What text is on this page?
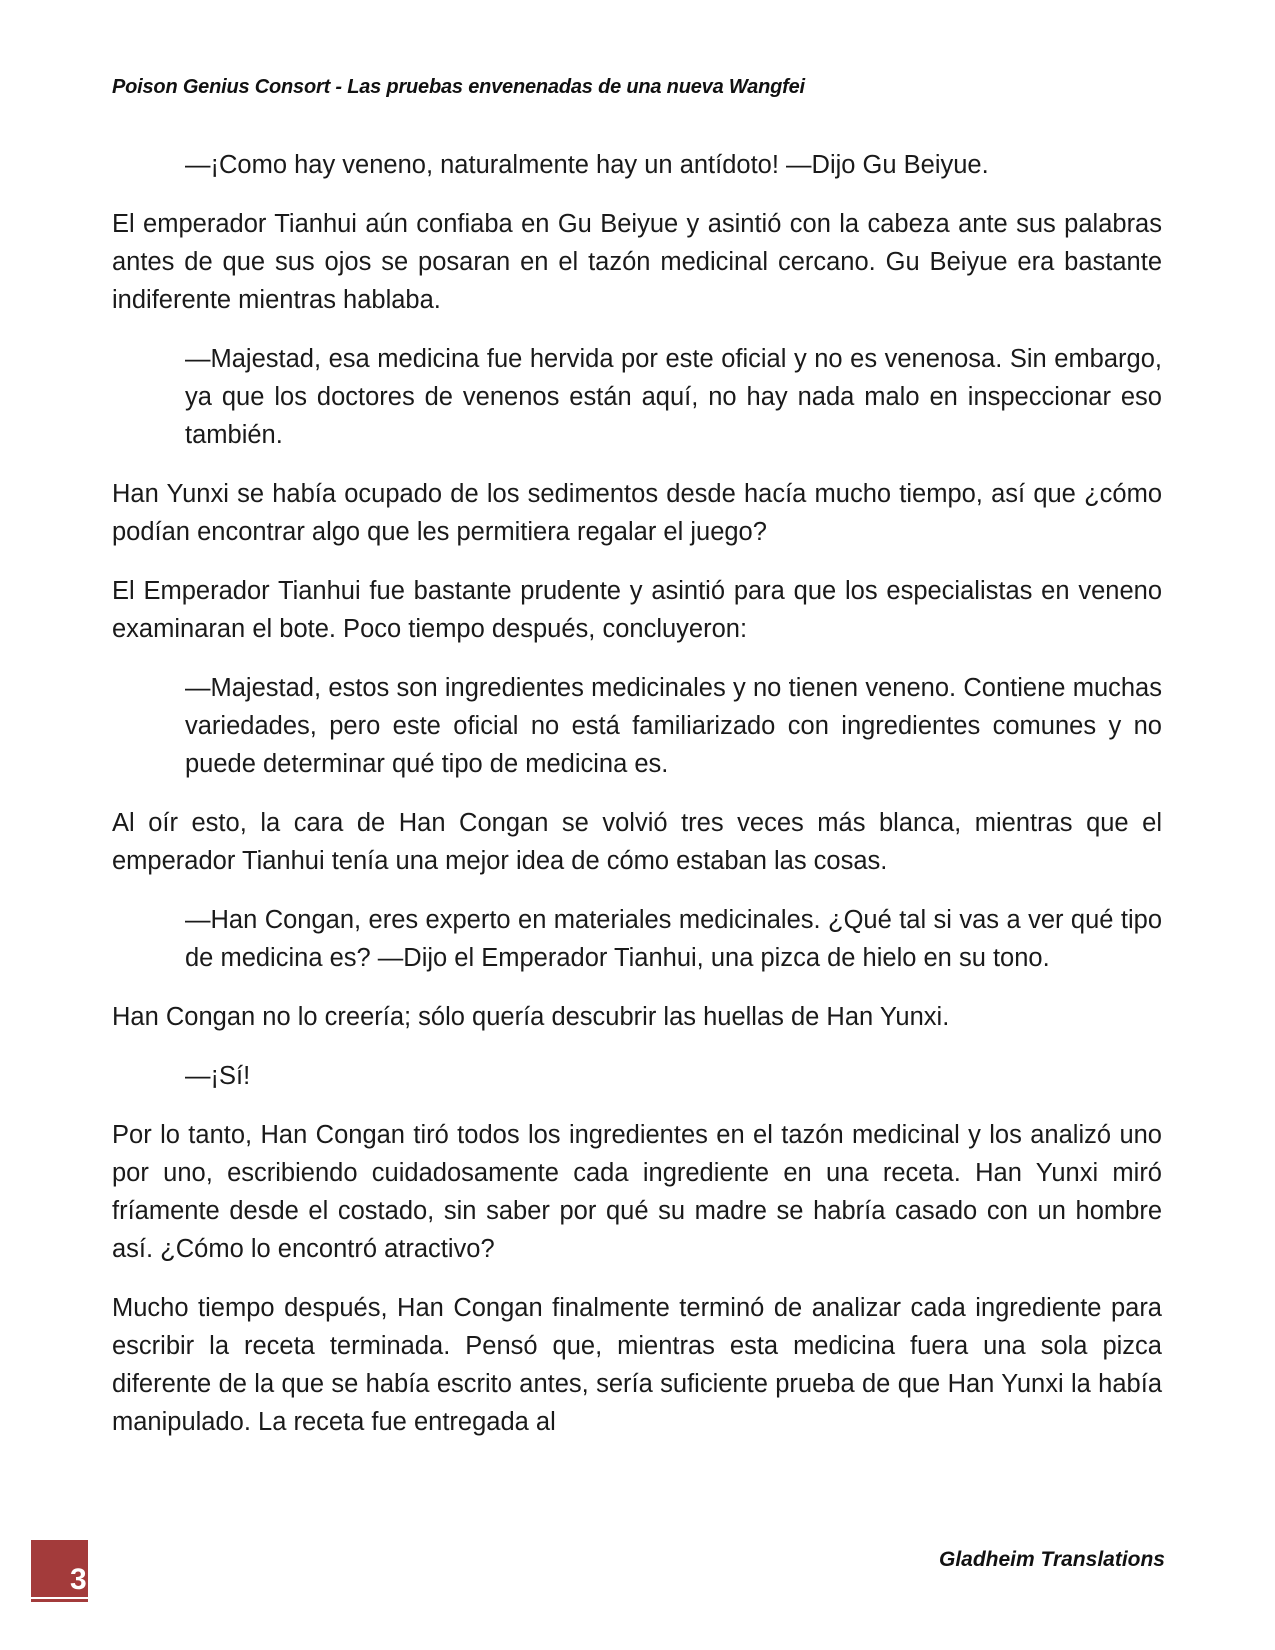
Poison Genius Consort - Las pruebas envenenadas de una nueva Wangfei

—¡Como hay veneno, naturalmente hay un antídoto! —Dijo Gu Beiyue.

El emperador Tianhui aún confiaba en Gu Beiyue y asintió con la cabeza ante sus palabras antes de que sus ojos se posaran en el tazón medicinal cercano. Gu Beiyue era bastante indiferente mientras hablaba.

—Majestad, esa medicina fue hervida por este oficial y no es venenosa. Sin embargo, ya que los doctores de venenos están aquí, no hay nada malo en inspeccionar eso también.

Han Yunxi se había ocupado de los sedimentos desde hacía mucho tiempo, así que ¿cómo podían encontrar algo que les permitiera regalar el juego?

El Emperador Tianhui fue bastante prudente y asintió para que los especialistas en veneno examinaran el bote. Poco tiempo después, concluyeron:

—Majestad, estos son ingredientes medicinales y no tienen veneno. Contiene muchas variedades, pero este oficial no está familiarizado con ingredientes comunes y no puede determinar qué tipo de medicina es.

Al oír esto, la cara de Han Congan se volvió tres veces más blanca, mientras que el emperador Tianhui tenía una mejor idea de cómo estaban las cosas.

—Han Congan, eres experto en materiales medicinales. ¿Qué tal si vas a ver qué tipo de medicina es? —Dijo el Emperador Tianhui, una pizca de hielo en su tono.

Han Congan no lo creería; sólo quería descubrir las huellas de Han Yunxi.

—¡Sí!

Por lo tanto, Han Congan tiró todos los ingredientes en el tazón medicinal y los analizó uno por uno, escribiendo cuidadosamente cada ingrediente en una receta. Han Yunxi miró fríamente desde el costado, sin saber por qué su madre se habría casado con un hombre así. ¿Cómo lo encontró atractivo?

Mucho tiempo después, Han Congan finalmente terminó de analizar cada ingrediente para escribir la receta terminada. Pensó que, mientras esta medicina fuera una sola pizca diferente de la que se había escrito antes, sería suficiente prueba de que Han Yunxi la había manipulado. La receta fue entregada al

3
Gladheim Translations
